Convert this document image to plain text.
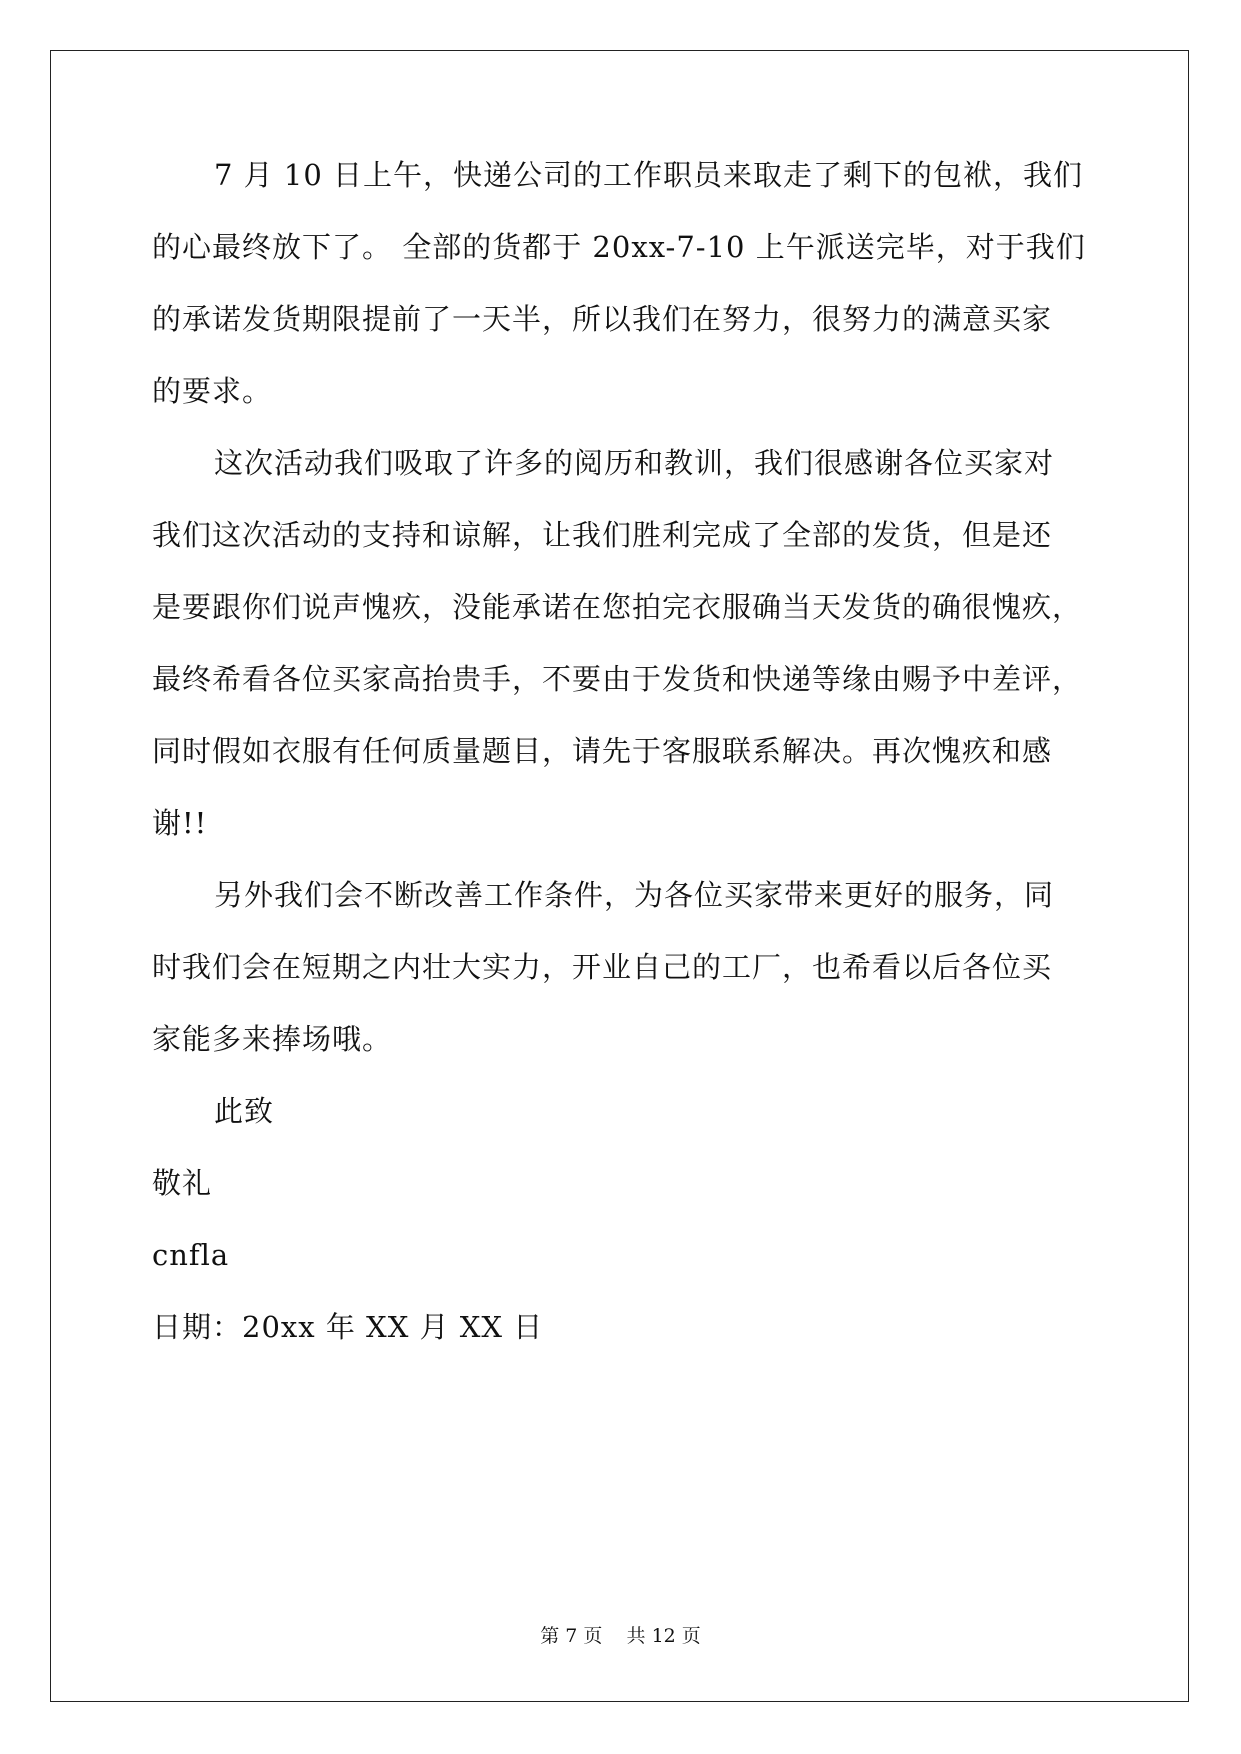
7 月 10 日上午，快递公司的工作职员来取走了剩下的包袱，我们
的心最终放下了。 全部的货都于 20xx-7-10 上午派送完毕，对于我们
的承诺发货期限提前了一天半，所以我们在努力，很努力的满意买家
的要求。
这次活动我们吸取了许多的阅历和教训，我们很感谢各位买家对
我们这次活动的支持和谅解，让我们胜利完成了全部的发货，但是还
是要跟你们说声愧疚，没能承诺在您拍完衣服确当天发货的确很愧疚，
最终希看各位买家高抬贵手，不要由于发货和快递等缘由赐予中差评，
同时假如衣服有任何质量题目，请先于客服联系解决。再次愧疚和感
谢!!
另外我们会不断改善工作条件，为各位买家带来更好的服务，同
时我们会在短期之内壮大实力，开业自己的工厂，也希看以后各位买
家能多来捧场哦。
此致
敬礼
cnfla
日期：20xx 年 XX 月 XX 日
第 7 页    共 12 页
